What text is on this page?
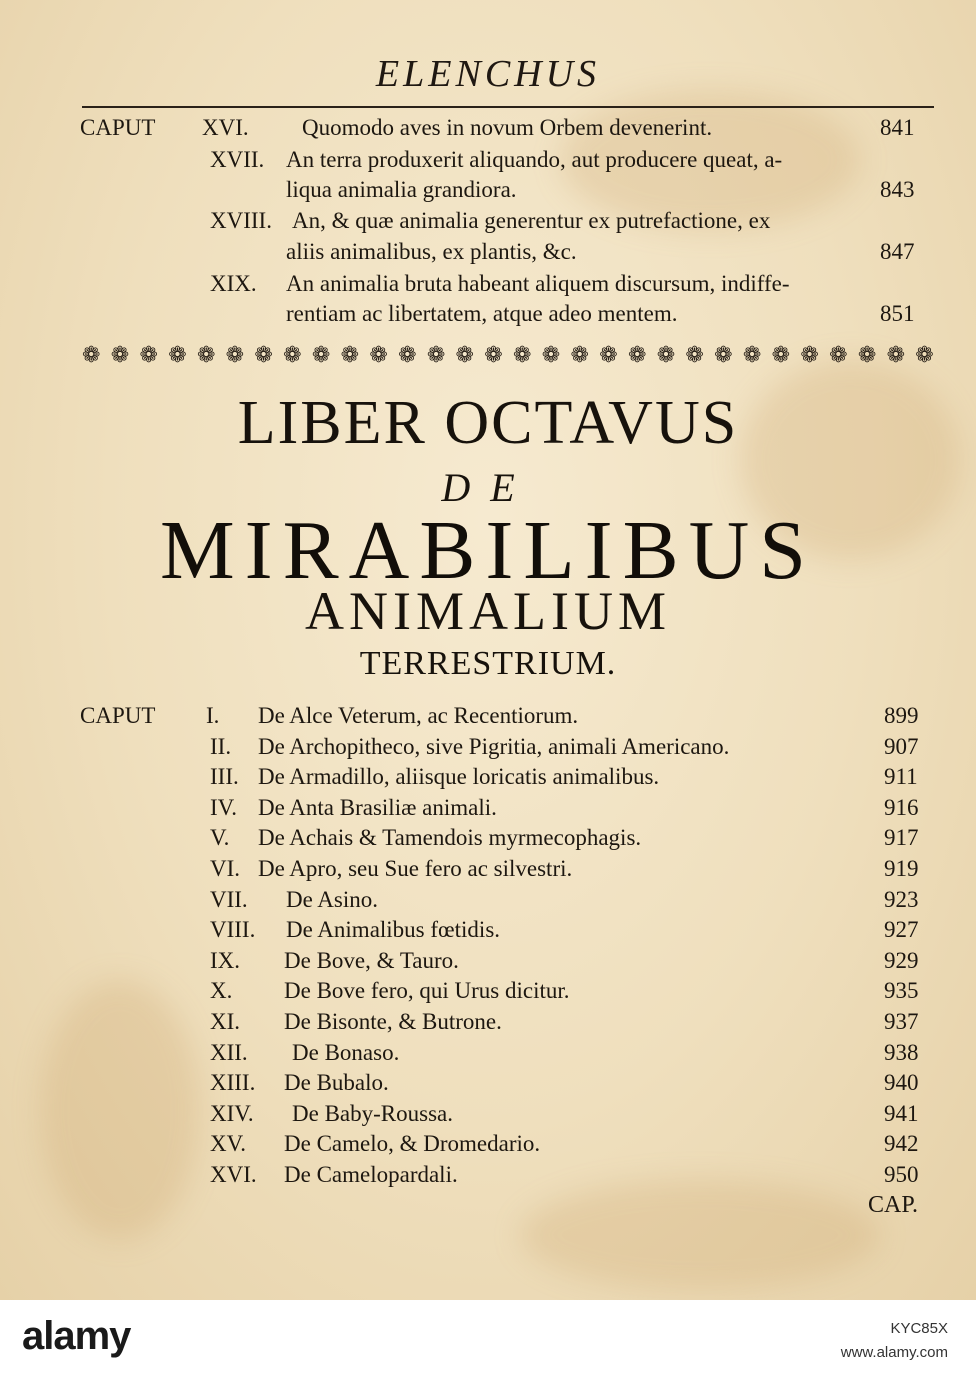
ELENCHUS
CAPUT XVI. Quomodo aves in novum Orbem devenerint.	841
XVII. An terra produxerit aliquando, aut producere queat, a-
liqua animalia grandiora.	843
XVIII. An, & quæ animalia generentur ex putrefactione, ex
aliis animalibus, ex plantis, &c.	847
XIX. An animalia bruta habeant aliquem discursum, indiffe-
rentiam ac libertatem, atque adeo mentem.	851
❁ ❁ ❁ ❁ ❁ ❁ ❁ ❁ ❁ ❁ ❁ ❁ ❁ ❁ ❁ ❁ ❁ ❁ ❁ ❁ ❁ ❁ ❁ ❁ ❁ ❁ ❁ ❁ ❁ ❁
LIBER OCTAVUS
DE
MIRABILIBUS
ANIMALIUM
TERRESTRIUM.
CAPUT I. De Alce Veterum, ac Recentiorum.	899
II. De Archopitheco, sive Pigritia, animali Americano.	907
III. De Armadillo, aliisque loricatis animalibus.	911
IV. De Anta Brasiliæ animali.	916
V. De Achais & Tamendois myrmecophagis.	917
VI. De Apro, seu Sue fero ac silvestri.	919
VII. De Asino.	923
VIII. De Animalibus fœtidis.	927
IX. De Bove, & Tauro.	929
X. De Bove fero, qui Urus dicitur.	935
XI. De Bisonte, & Butrone.	937
XII. De Bonaso.	938
XIII. De Bubalo.	940
XIV. De Baby-Roussa.	941
XV. De Camelo, & Dromedario.	942
XVI. De Camelopardali.	950
CAP.
alamy	KYC85X
www.alamy.com
